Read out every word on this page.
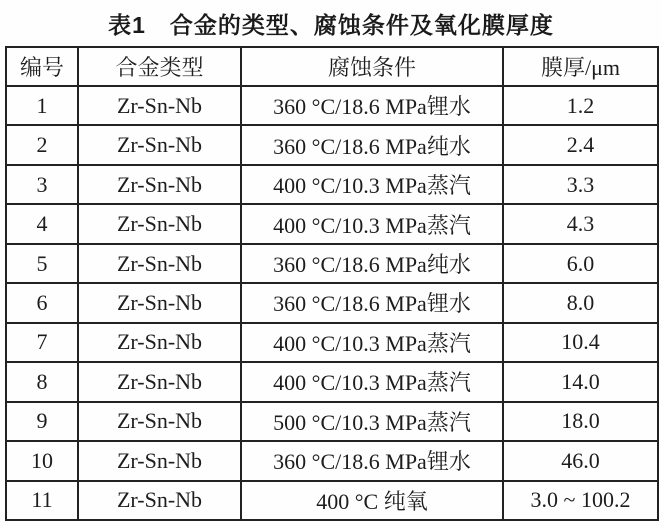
表1　合金的类型、腐蚀条件及氧化膜厚度
编号	合金类型	腐蚀条件	膜厚/μm
1	Zr-Sn-Nb	360 °C/18.6 MPa锂水	1.2
2	Zr-Sn-Nb	360 °C/18.6 MPa纯水	2.4
3	Zr-Sn-Nb	400 °C/10.3 MPa蒸汽	3.3
4	Zr-Sn-Nb	400 °C/10.3 MPa蒸汽	4.3
5	Zr-Sn-Nb	360 °C/18.6 MPa纯水	6.0
6	Zr-Sn-Nb	360 °C/18.6 MPa锂水	8.0
7	Zr-Sn-Nb	400 °C/10.3 MPa蒸汽	10.4
8	Zr-Sn-Nb	400 °C/10.3 MPa蒸汽	14.0
9	Zr-Sn-Nb	500 °C/10.3 MPa蒸汽	18.0
10	Zr-Sn-Nb	360 °C/18.6 MPa锂水	46.0
11	Zr-Sn-Nb	400 °C 纯氧	3.0 ~ 100.2
